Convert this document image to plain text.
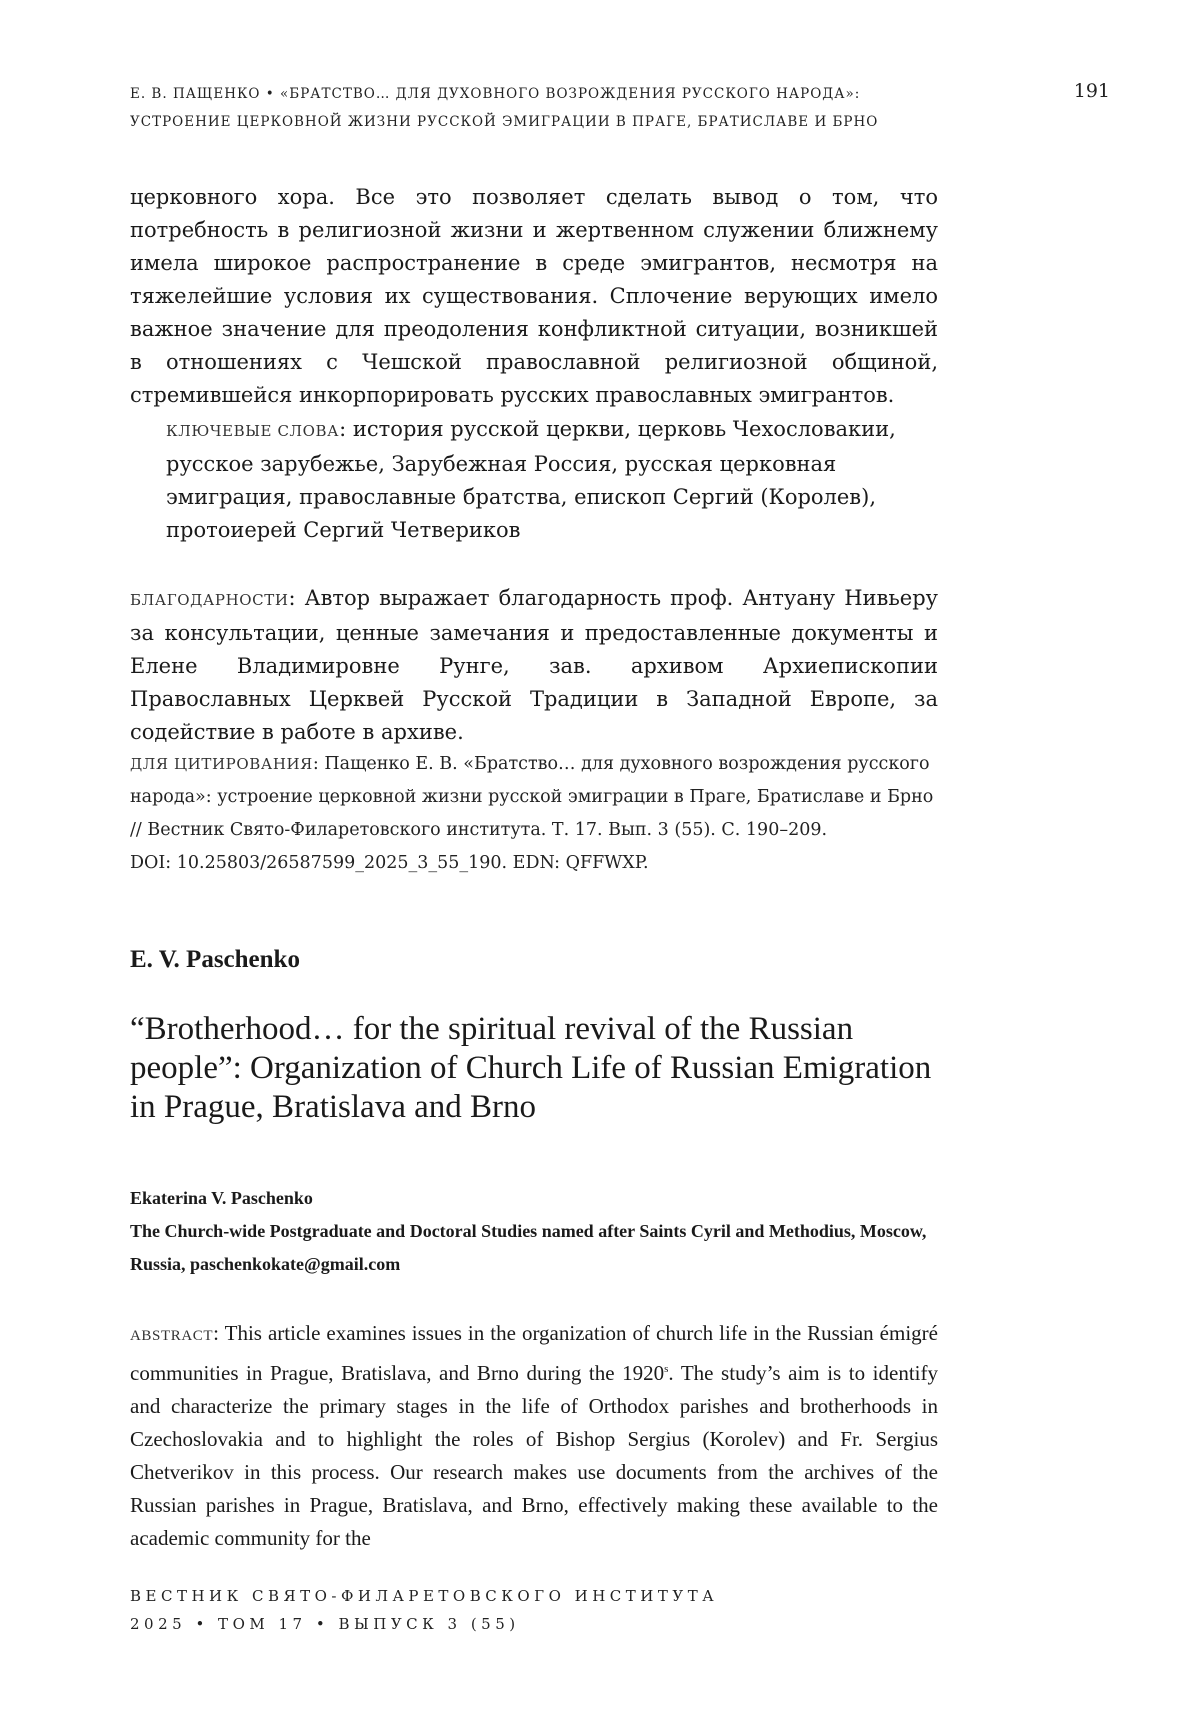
Е. В. ПАЩЕНКО • «БРАТСТВО… ДЛЯ ДУХОВНОГО ВОЗРОЖДЕНИЯ РУССКОГО НАРОДА»:
УСТРОЕНИЕ ЦЕРКОВНОЙ ЖИЗНИ РУССКОЙ ЭМИГРАЦИИ В ПРАГЕ, БРАТИСЛАВЕ И БРНО
191

церковного хора. Все это позволяет сделать вывод о том, что потребность в религиозной жизни и жертвенном служении ближнему имела широкое распространение в среде эмигрантов, несмотря на тяжелейшие условия их существования. Сплочение верующих имело важное значение для преодоления конфликтной ситуации, возникшей в отношениях с Чешской православной религиозной общиной, стремившейся инкорпорировать русских православных эмигрантов.

КЛЮЧЕВЫЕ СЛОВА: история русской церкви, церковь Чехословакии, русское зарубежье, Зарубежная Россия, русская церковная эмиграция, православные братства, епископ Сергий (Королев), протоиерей Сергий Четвериков

БЛАГОДАРНОСТИ: Автор выражает благодарность проф. Антуану Нивьеру за консультации, ценные замечания и предоставленные документы и Елене Владимировне Рунге, зав. архивом Архиепископии Православных Церквей Русской Традиции в Западной Европе, за содействие в работе в архиве.

ДЛЯ ЦИТИРОВАНИЯ: Пащенко Е. В. «Братство… для духовного возрождения русского народа»: устроение церковной жизни русской эмиграции в Праге, Братиславе и Брно // Вестник Свято-Филаретовского института. Т. 17. Вып. 3 (55). С. 190–209.

DOI: 10.25803/26587599_2025_3_55_190. EDN: QFFWXP.

E. V. Paschenko
“Brotherhood… for the spiritual revival of the Russian people”: Organization of Church Life of Russian Emigration in Prague, Bratislava and Brno
Ekaterina V. Paschenko
The Church-wide Postgraduate and Doctoral Studies named after Saints Cyril and Methodius, Moscow, Russia, paschenkokate@gmail.com

ABSTRACT: This article examines issues in the organization of church life in the Russian émigré communities in Prague, Bratislava, and Brno during the 1920$^s$. The study’s aim is to identify and characterize the primary stages in the life of Orthodox parishes and brotherhoods in Czechoslovakia and to highlight the roles of Bishop Sergius (Korolev) and Fr. Sergius Chetverikov in this process. Our research makes use documents from the archives of the Russian parishes in Prague, Bratislava, and Brno, effectively making these available to the academic community for the

ВЕСТНИК СВЯТО-ФИЛАРЕТОВСКОГО ИНСТИТУТА
2025 • ТОМ 17 • ВЫПУСК 3 (55)
